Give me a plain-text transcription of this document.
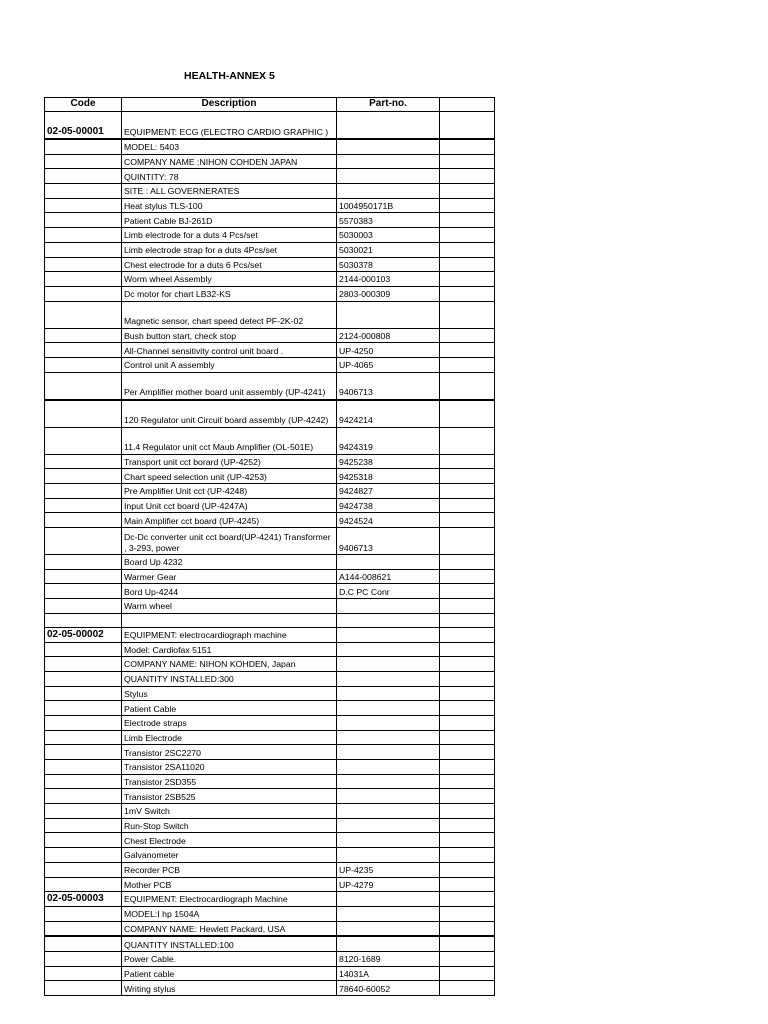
HEALTH-ANNEX 5
Code	Description	Part-no.	
02-05-00001	EQUIPMENT: ECG (ELECTRO CARDIO GRAPHIC )		
	MODEL: 5403		
	COMPANY NAME :NIHON COHDEN JAPAN		
	QUINTITY: 78		
	SITE : ALL GOVERNERATES		
	Heat stylus TLS-100	1004950171B	
	Patient Cable BJ-261D	5570383	
	Limb electrode for a duts 4 Pcs/set	5030003	
	Limb electrode strap for a duts 4Pcs/set	5030021	
	Chest electrode for a duts 6 Pcs/set	5030378	
	Worm wheel Assembly	2144-000103	
	Dc motor for chart LB32-KS	2803-000309	
	Magnetic sensor, chart speed detect PF-2K-02		
	Bush button start, check stop	2124-000808	
	All-Channel sensitivity control unit board .	UP-4250	
	Control unit A assembly	UP-4065	
	Per Amplifier mother board unit assembly (UP-4241)	9406713	
	120 Regulator unit Circuit board assembly (UP-4242)	9424214	
	11.4 Regulator unit cct Maub Amplifier (OL-501E)	9424319	
	Transport unit cct borard (UP-4252)	9425238	
	Chart speed selection unit (UP-4253)	9425318	
	Pre Amplifier Unit cct (UP-4248)	9424827	
	Input Unit cct board (UP-4247A)	9424738	
	Main Amplifier cct board (UP-4245)	9424524	
	Dc-Dc converter unit cct board(UP-4241) Transformer , 3-293, power	9406713	
	Board Up 4232		
	Warmer Gear	A144-008621	
	Bord Up-4244	D.C PC Conr	
	Warm wheel		

02-05-00002	EQUIPMENT: electrocardiograph machine		
	Model: Cardiofax 5151		
	COMPANY NAME: NIHON KOHDEN, Japan		
	QUANTITY INSTALLED:300		
	Stylus		
	Patient Cable		
	Electrode straps		
	Limb Electrode		
	Transistor 2SC2270		
	Transistor 2SA11020		
	Transistor 2SD355		
	Transistor 2SB525		
	1mV Switch		
	Run-Stop Switch		
	Chest Electrode		
	Galvanometer		
	Recorder PCB	UP-4235	
	Mother PCB	UP-4279	
02-05-00003	EQUIPMENT: Electrocardiograph Machine		
	MODEL:I hp 1504A		
	COMPANY NAME: Hewlett Packard, USA		
	QUANTITY INSTALLED:100		
	Power Cable.	8120-1689	
	Patient cable	14031A	
	Writing stylus	78640-60052	
